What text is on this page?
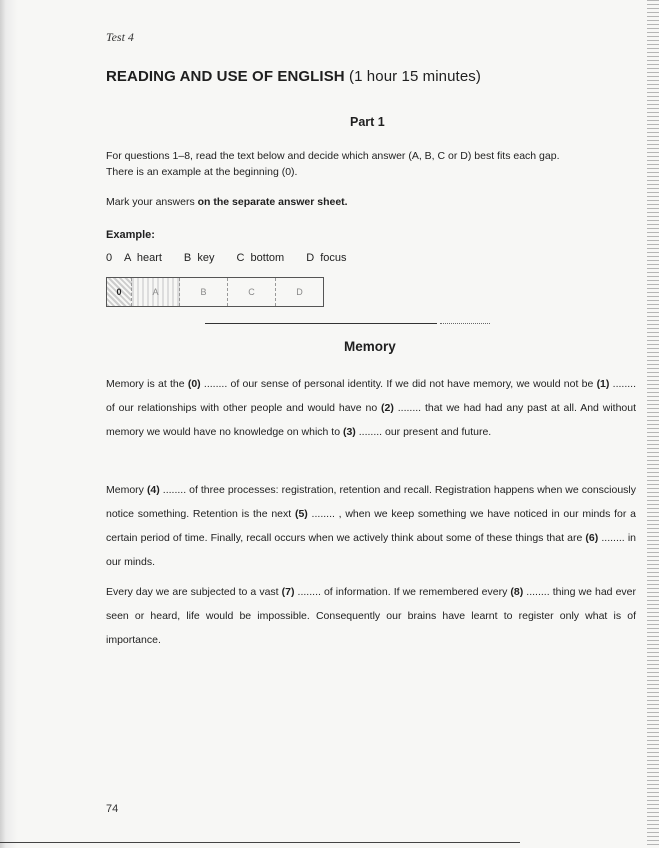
Test 4
READING AND USE OF ENGLISH (1 hour 15 minutes)
Part 1
For questions 1–8, read the text below and decide which answer (A, B, C or D) best fits each gap.
There is an example at the beginning (0).
Mark your answers on the separate answer sheet.
Example:
0	A  heart B  key C  bottom D  focus
0	A	B	C	D
Memory
Memory is at the (0) ........ of our sense of personal identity. If we did not have memory, we would not be (1) ........ of our relationships with other people and would have no (2) ........ that we had had any past at all. And without memory we would have no knowledge on which to (3) ........ our present and future.
Memory (4) ........ of three processes: registration, retention and recall. Registration happens when we consciously notice something. Retention is the next (5) ........ , when we keep something we have noticed in our minds for a certain period of time. Finally, recall occurs when we actively think about some of these things that are (6) ........ in our minds.
Every day we are subjected to a vast (7) ........ of information. If we remembered every (8) ........ thing we had ever seen or heard, life would be impossible. Consequently our brains have learnt to register only what is of importance.
74
